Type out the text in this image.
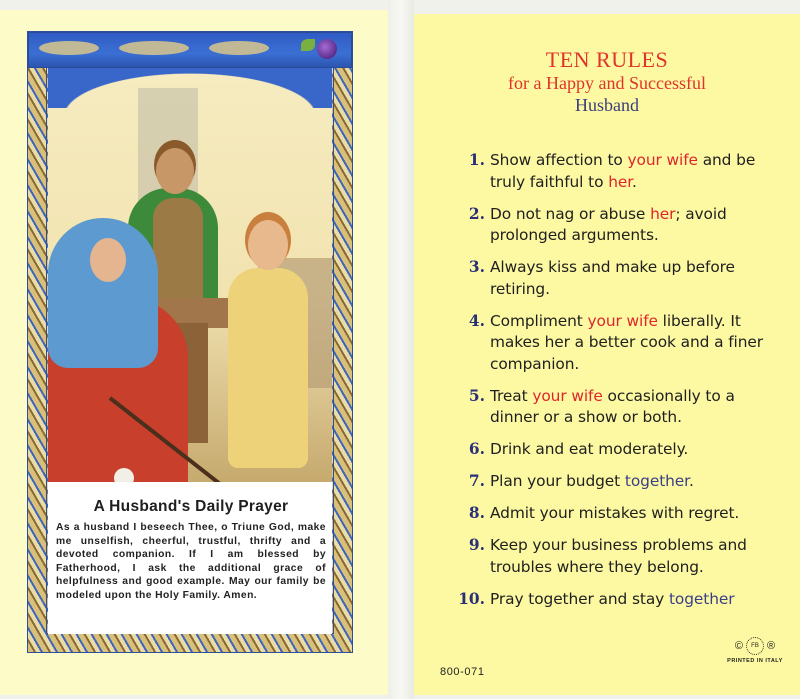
A Husband's Daily Prayer

As a husband I beseech Thee, o Triune God, make me unselfish, cheerful, trustful, thrifty and a devoted companion. If I am blessed by Fatherhood, I ask the additional grace of helpfulness and good example. May our family be modeled upon the Holy Family. Amen.

TEN RULES
for a Happy and Successful
Husband
1. Show affection to your wife and be truly faithful to her.
2. Do not nag or abuse her; avoid prolonged arguments.
3. Always kiss and make up before retiring.
4. Compliment your wife liberally. It makes her a better cook and a finer companion.
5. Treat your wife occasionally to a dinner or a show or both.
6. Drink and eat moderately.
7. Plan your budget together.
8. Admit your mistakes with regret.
9. Keep your business problems and troubles where they belong.
10. Pray together and stay together
800-071
©	FB ®
PRINTED IN ITALY
